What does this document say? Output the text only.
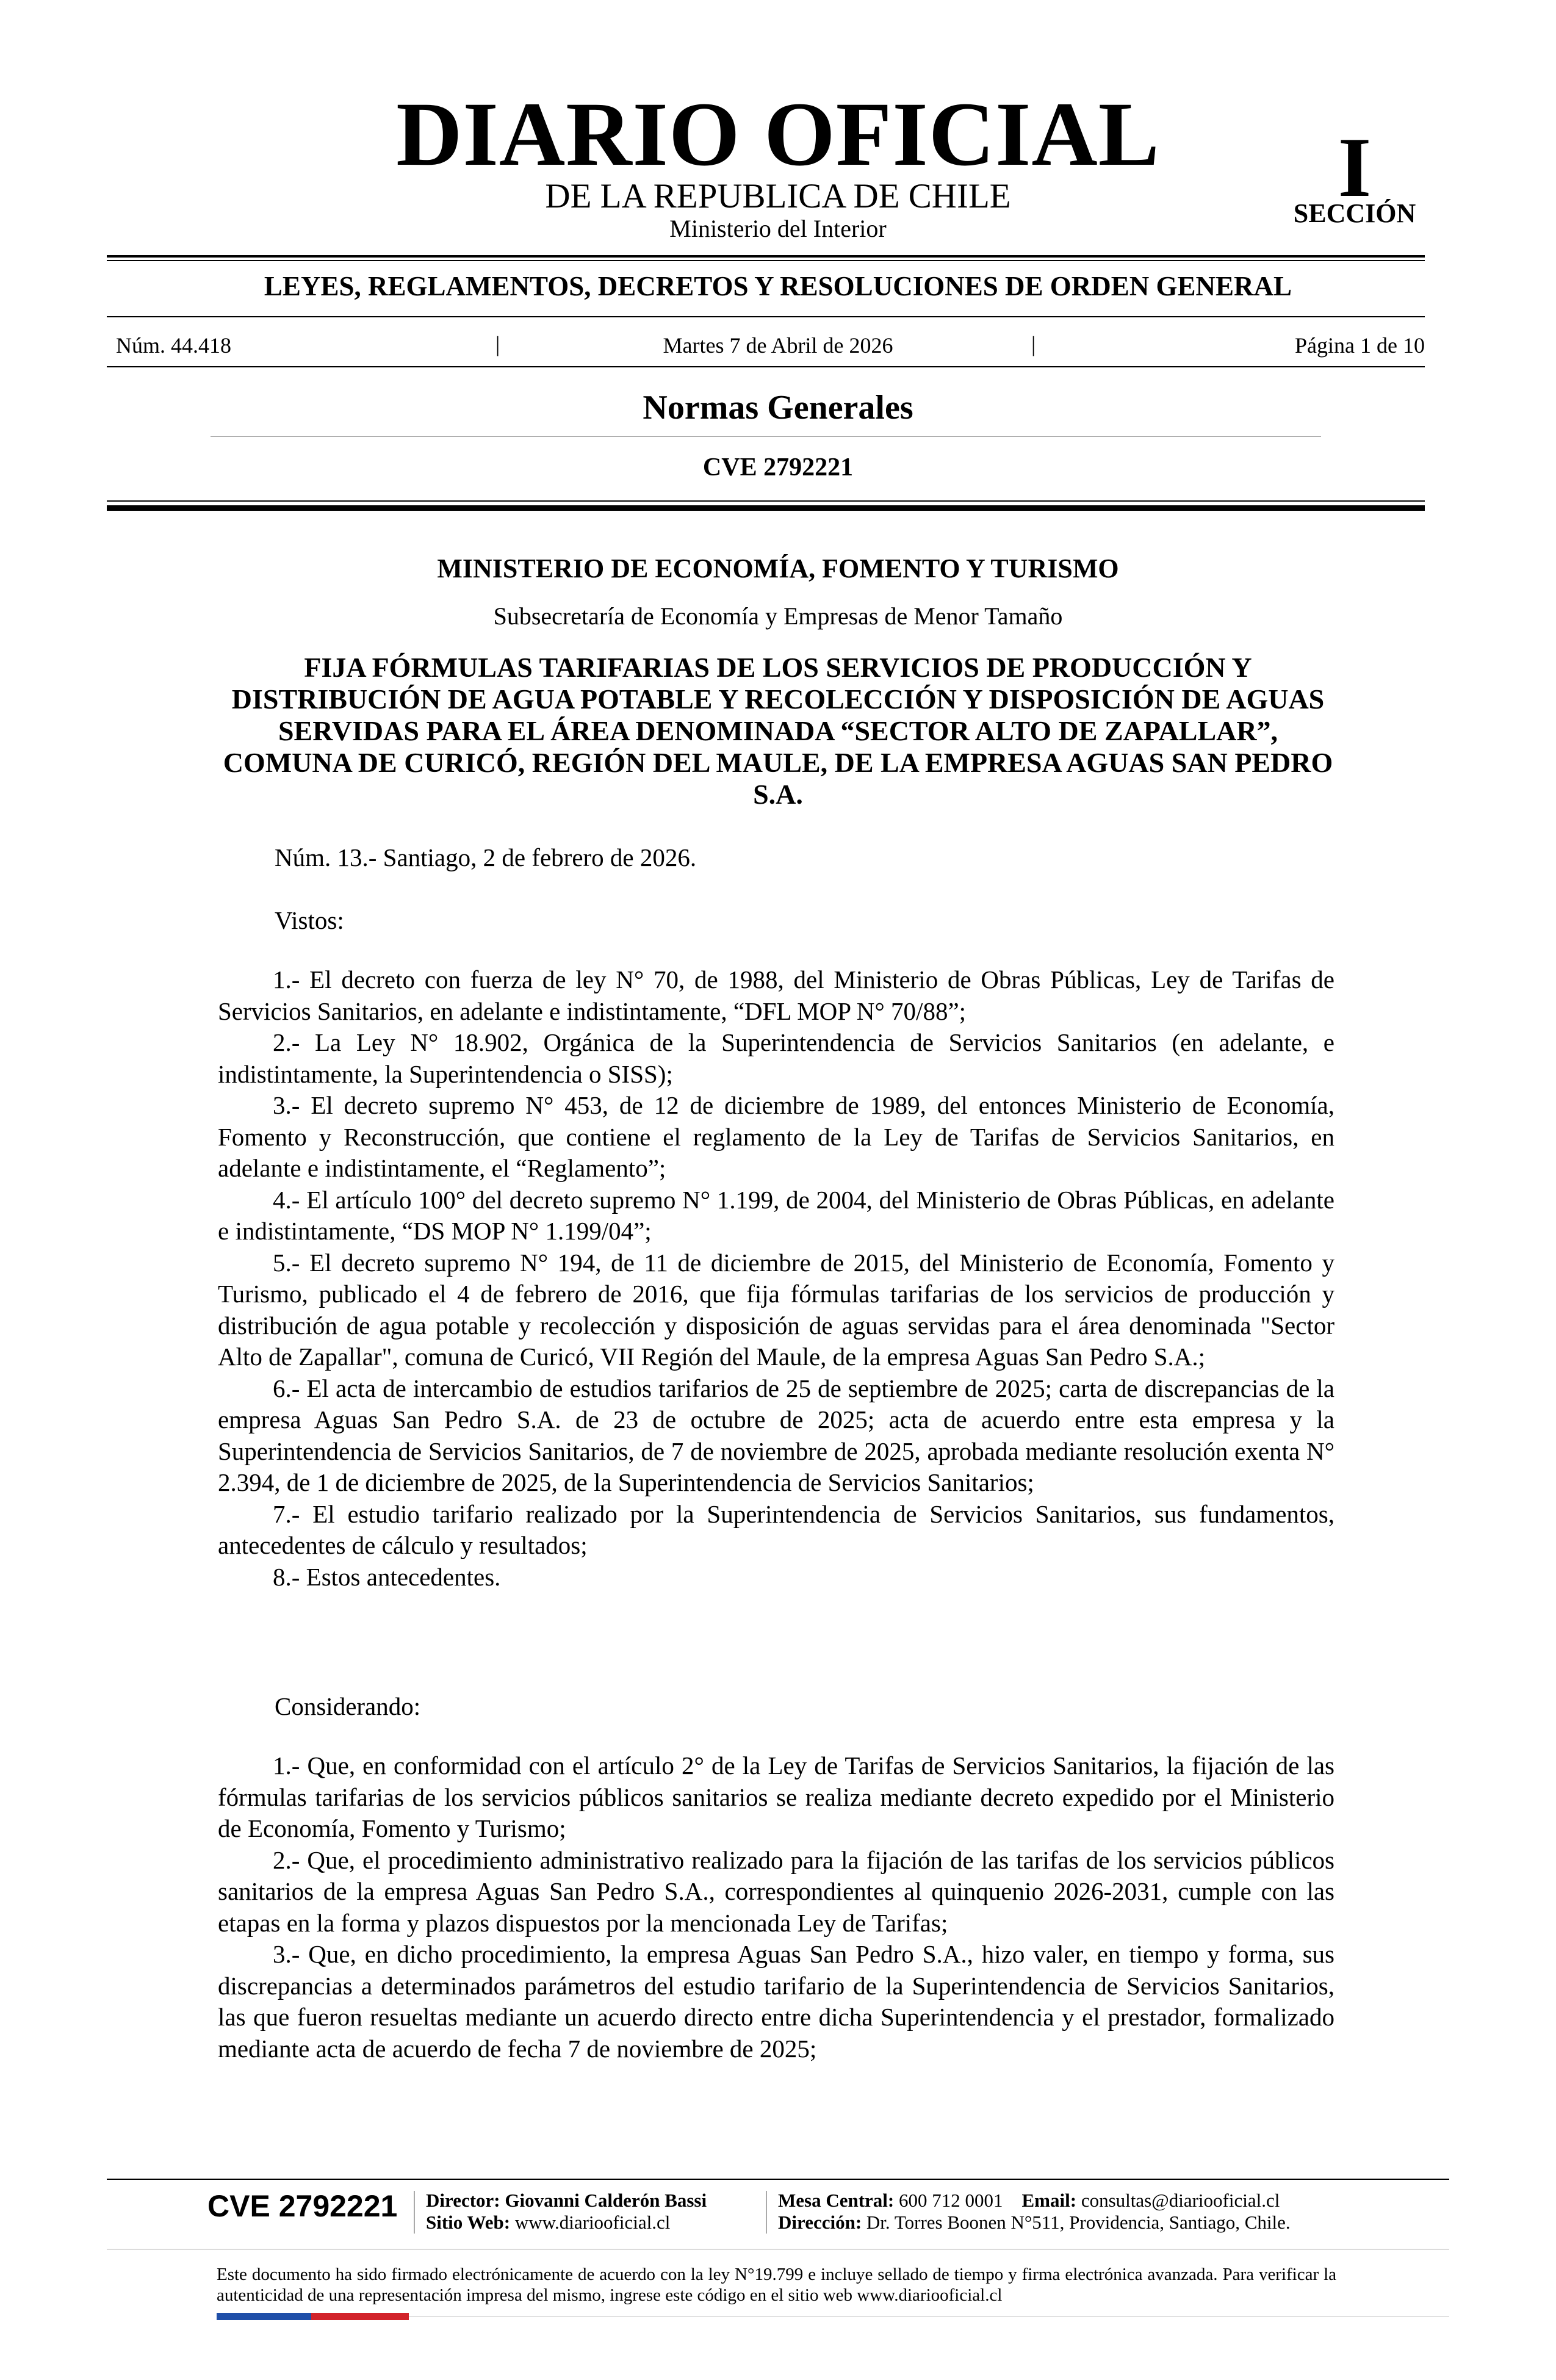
DIARIO OFICIAL
DE LA REPUBLICA DE CHILE
Ministerio del Interior
I
SECCIÓN
LEYES, REGLAMENTOS, DECRETOS Y RESOLUCIONES DE ORDEN GENERAL
Núm. 44.418	|	Martes 7 de Abril de 2026	|	Página 1 de 10
Normas Generales
CVE 2792221
MINISTERIO DE ECONOMÍA, FOMENTO Y TURISMO
Subsecretaría de Economía y Empresas de Menor Tamaño
FIJA FÓRMULAS TARIFARIAS DE LOS SERVICIOS DE PRODUCCIÓN Y DISTRIBUCIÓN DE AGUA POTABLE Y RECOLECCIÓN Y DISPOSICIÓN DE AGUAS SERVIDAS PARA EL ÁREA DENOMINADA “SECTOR ALTO DE ZAPALLAR”, COMUNA DE CURICÓ, REGIÓN DEL MAULE, DE LA EMPRESA AGUAS SAN PEDRO S.A.
Núm. 13.- Santiago, 2 de febrero de 2026.
Vistos:

1.- El decreto con fuerza de ley N° 70, de 1988, del Ministerio de Obras Públicas, Ley de Tarifas de Servicios Sanitarios, en adelante e indistintamente, “DFL MOP N° 70/88”;

2.- La Ley N° 18.902, Orgánica de la Superintendencia de Servicios Sanitarios (en adelante, e indistintamente, la Superintendencia o SISS);

3.- El decreto supremo N° 453, de 12 de diciembre de 1989, del entonces Ministerio de Economía, Fomento y Reconstrucción, que contiene el reglamento de la Ley de Tarifas de Servicios Sanitarios, en adelante e indistintamente, el “Reglamento”;

4.- El artículo 100° del decreto supremo N° 1.199, de 2004, del Ministerio de Obras Públicas, en adelante e indistintamente, “DS MOP N° 1.199/04”;

5.- El decreto supremo N° 194, de 11 de diciembre de 2015, del Ministerio de Economía, Fomento y Turismo, publicado el 4 de febrero de 2016, que fija fórmulas tarifarias de los servicios de producción y distribución de agua potable y recolección y disposición de aguas servidas para el área denominada "Sector Alto de Zapallar", comuna de Curicó, VII Región del Maule, de la empresa Aguas San Pedro S.A.;

6.- El acta de intercambio de estudios tarifarios de 25 de septiembre de 2025; carta de discrepancias de la empresa Aguas San Pedro S.A. de 23 de octubre de 2025; acta de acuerdo entre esta empresa y la Superintendencia de Servicios Sanitarios, de 7 de noviembre de 2025, aprobada mediante resolución exenta N° 2.394, de 1 de diciembre de 2025, de la Superintendencia de Servicios Sanitarios;

7.- El estudio tarifario realizado por la Superintendencia de Servicios Sanitarios, sus fundamentos, antecedentes de cálculo y resultados;

8.- Estos antecedentes.

Considerando:

1.- Que, en conformidad con el artículo 2° de la Ley de Tarifas de Servicios Sanitarios, la fijación de las fórmulas tarifarias de los servicios públicos sanitarios se realiza mediante decreto expedido por el Ministerio de Economía, Fomento y Turismo;

2.- Que, el procedimiento administrativo realizado para la fijación de las tarifas de los servicios públicos sanitarios de la empresa Aguas San Pedro S.A., correspondientes al quinquenio 2026-2031, cumple con las etapas en la forma y plazos dispuestos por la mencionada Ley de Tarifas;

3.- Que, en dicho procedimiento, la empresa Aguas San Pedro S.A., hizo valer, en tiempo y forma, sus discrepancias a determinados parámetros del estudio tarifario de la Superintendencia de Servicios Sanitarios, las que fueron resueltas mediante un acuerdo directo entre dicha Superintendencia y el prestador, formalizado mediante acta de acuerdo de fecha 7 de noviembre de 2025;

CVE 2792221 Director: Giovanni Calderón Bassi
Sitio Web: www.diariooficial.cl
Mesa Central: 600 712 0001 Email: consultas@diariooficial.cl
Dirección: Dr. Torres Boonen N°511, Providencia, Santiago, Chile.
Este documento ha sido firmado electrónicamente de acuerdo con la ley N°19.799 e incluye sellado de tiempo y firma electrónica avanzada. Para verificar la autenticidad de una representación impresa del mismo, ingrese este código en el sitio web www.diariooficial.cl
